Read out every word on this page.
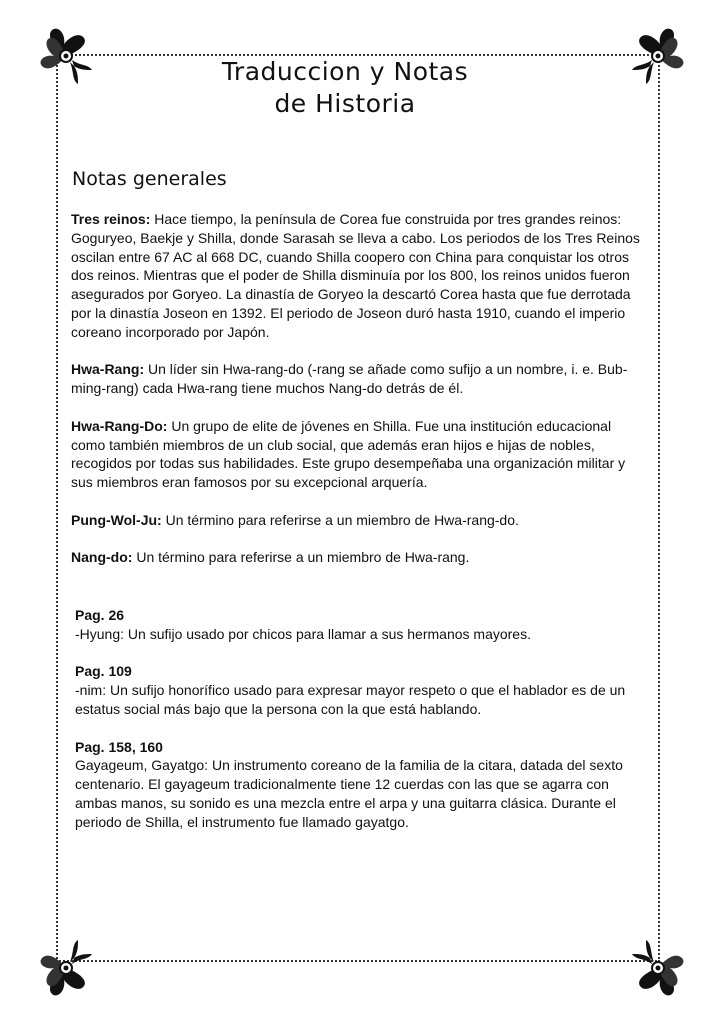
Traduccion y Notas
de Historia
Notas generales

Tres reinos: Hace tiempo, la península de Corea fue construida por tres grandes reinos: Goguryeo, Baekje y Shilla, donde Sarasah se lleva a cabo. Los periodos de los Tres Reinos oscilan entre 67 AC al 668 DC, cuando Shilla coopero con China para conquistar los otros dos reinos. Mientras que el poder de Shilla disminuía por los 800, los reinos unidos fueron asegurados por Goryeo. La dinastía de Goryeo la descartó Corea hasta que fue derrotada por la dinastía Joseon en 1392. El periodo de Joseon duró hasta 1910, cuando el imperio coreano incorporado por Japón.

Hwa-Rang: Un líder sin Hwa-rang-do (-rang se añade como sufijo a un nombre, i. e. Bub-ming-rang) cada Hwa-rang tiene muchos Nang-do detrás de él.

Hwa-Rang-Do: Un grupo de elite de jóvenes en Shilla. Fue una institución educacional como también miembros de un club social, que además eran hijos e hijas de nobles, recogidos por todas sus habilidades. Este grupo desempeñaba una organización militar y sus miembros eran famosos por su excepcional arquería.

Pung-Wol-Ju: Un término para referirse a un miembro de Hwa-rang-do.

Nang-do: Un término para referirse a un miembro de Hwa-rang.

Pag. 26
-Hyung: Un sufijo usado por chicos para llamar a sus hermanos mayores.

Pag. 109
-nim: Un sufijo honorífico usado para expresar mayor respeto o que el hablador es de un estatus social más bajo que la persona con la que está hablando.

Pag. 158, 160
Gayageum, Gayatgo: Un instrumento coreano de la familia de la citara, datada del sexto centenario. El gayageum tradicionalmente tiene 12 cuerdas con las que se agarra con ambas manos, su sonido es una mezcla entre el arpa y una guitarra clásica. Durante el periodo de Shilla, el instrumento fue llamado gayatgo.
